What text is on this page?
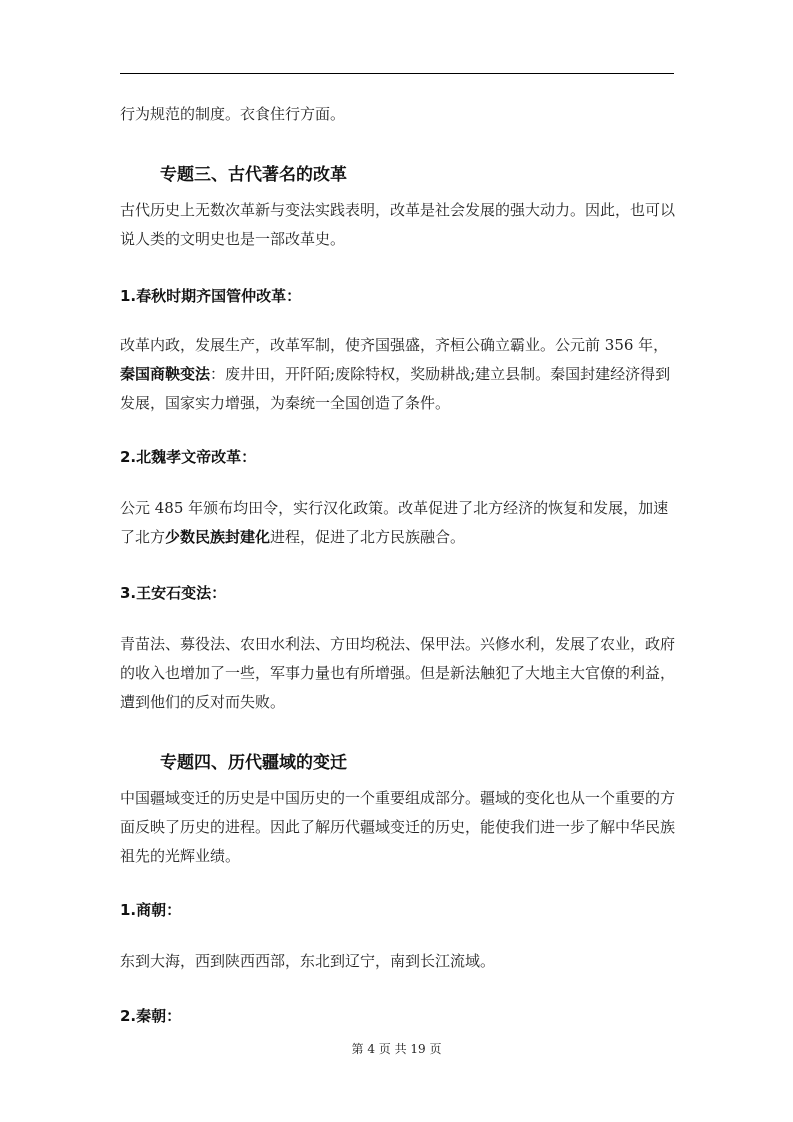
行为规范的制度。衣食住行方面。

专题三、古代著名的改革

古代历史上无数次革新与变法实践表明，改革是社会发展的强大动力。因此，也可以说人类的文明史也是一部改革史。

1.春秋时期齐国管仲改革：

改革内政，发展生产，改革军制，使齐国强盛，齐桓公确立霸业。公元前 356 年，秦国商鞅变法：废井田，开阡陌;废除特权，奖励耕战;建立县制。秦国封建经济得到发展，国家实力增强，为秦统一全国创造了条件。

2.北魏孝文帝改革：

公元 485 年颁布均田令，实行汉化政策。改革促进了北方经济的恢复和发展，加速了北方少数民族封建化进程，促进了北方民族融合。

3.王安石变法：

青苗法、募役法、农田水利法、方田均税法、保甲法。兴修水利，发展了农业，政府的收入也增加了一些，军事力量也有所增强。但是新法触犯了大地主大官僚的利益，遭到他们的反对而失败。

专题四、历代疆域的变迁

中国疆域变迁的历史是中国历史的一个重要组成部分。疆域的变化也从一个重要的方面反映了历史的进程。因此了解历代疆域变迁的历史，能使我们进一步了解中华民族祖先的光辉业绩。

1.商朝：

东到大海，西到陕西西部，东北到辽宁，南到长江流域。

2.秦朝：
第 4 页 共 19 页
